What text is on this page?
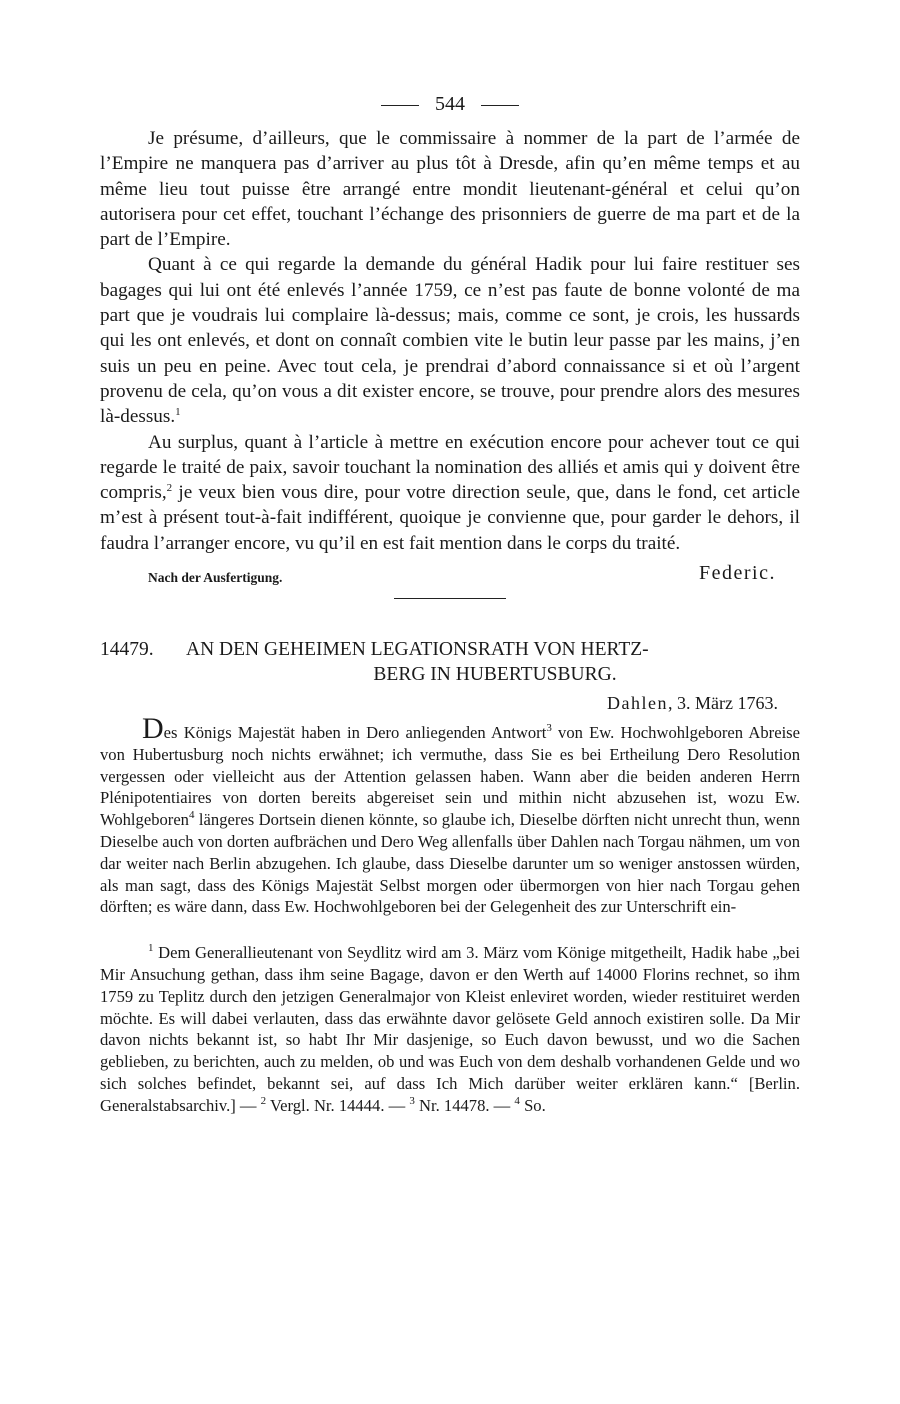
544

Je présume, d’ailleurs, que le commissaire à nommer de la part de l’armée de l’Empire ne manquera pas d’arriver au plus tôt à Dresde, afin qu’en même temps et au même lieu tout puisse être arrangé entre mondit lieutenant-général et celui qu’on autorisera pour cet effet, touchant l’échange des prisonniers de guerre de ma part et de la part de l’Empire.

Quant à ce qui regarde la demande du général Hadik pour lui faire restituer ses bagages qui lui ont été enlevés l’année 1759, ce n’est pas faute de bonne volonté de ma part que je voudrais lui complaire là-dessus; mais, comme ce sont, je crois, les hussards qui les ont enlevés, et dont on connaît combien vite le butin leur passe par les mains, j’en suis un peu en peine. Avec tout cela, je prendrai d’abord connaissance si et où l’argent provenu de cela, qu’on vous a dit exister encore, se trouve, pour prendre alors des mesures là-dessus.$^1$

Au surplus, quant à l’article à mettre en exécution encore pour achever tout ce qui regarde le traité de paix, savoir touchant la nomination des alliés et amis qui y doivent être compris,$^2$ je veux bien vous dire, pour votre direction seule, que, dans le fond, cet article m’est à présent tout-à-fait indifférent, quoique je convienne que, pour garder le dehors, il faudra l’arranger encore, vu qu’il en est fait mention dans le corps du traité.

Nach der Ausfertigung.	Federic.
14479. AN DEN GEHEIMEN LEGATIONSRATH VON HERTZ-
BERG IN HUBERTUSBURG.
Dahlen, 3. März 1763.

Des Königs Majestät haben in Dero anliegenden Antwort$^3$ von Ew. Hochwohlgeboren Abreise von Hubertusburg noch nichts erwähnet; ich vermuthe, dass Sie es bei Ertheilung Dero Resolution vergessen oder vielleicht aus der Attention gelassen haben. Wann aber die beiden anderen Herrn Plénipotentiaires von dorten bereits abgereiset sein und mithin nicht abzusehen ist, wozu Ew. Wohlgeboren$^4$ längeres Dortsein dienen könnte, so glaube ich, Dieselbe dörften nicht unrecht thun, wenn Dieselbe auch von dorten aufbrächen und Dero Weg allenfalls über Dahlen nach Torgau nähmen, um von dar weiter nach Berlin abzugehen. Ich glaube, dass Dieselbe darunter um so weniger anstossen würden, als man sagt, dass des Königs Majestät Selbst morgen oder übermorgen von hier nach Torgau gehen dörften; es wäre dann, dass Ew. Hochwohlgeboren bei der Gelegenheit des zur Unterschrift ein-

$^1$ Dem Generallieutenant von Seydlitz wird am 3. März vom Könige mitgetheilt, Hadik habe „bei Mir Ansuchung gethan, dass ihm seine Bagage, davon er den Werth auf 14000 Florins rechnet, so ihm 1759 zu Teplitz durch den jetzigen Generalmajor von Kleist enleviret worden, wieder restituiret werden möchte. Es will dabei verlauten, dass das erwähnte davor gelösete Geld annoch existiren solle. Da Mir davon nichts bekannt ist, so habt Ihr Mir dasjenige, so Euch davon bewusst, und wo die Sachen geblieben, zu berichten, auch zu melden, ob und was Euch von dem deshalb vorhandenen Gelde und wo sich solches befindet, bekannt sei, auf dass Ich Mich darüber weiter erklären kann.“ [Berlin. Generalstabsarchiv.] — $^2$ Vergl. Nr. 14444. — $^3$ Nr. 14478. — $^4$ So.
